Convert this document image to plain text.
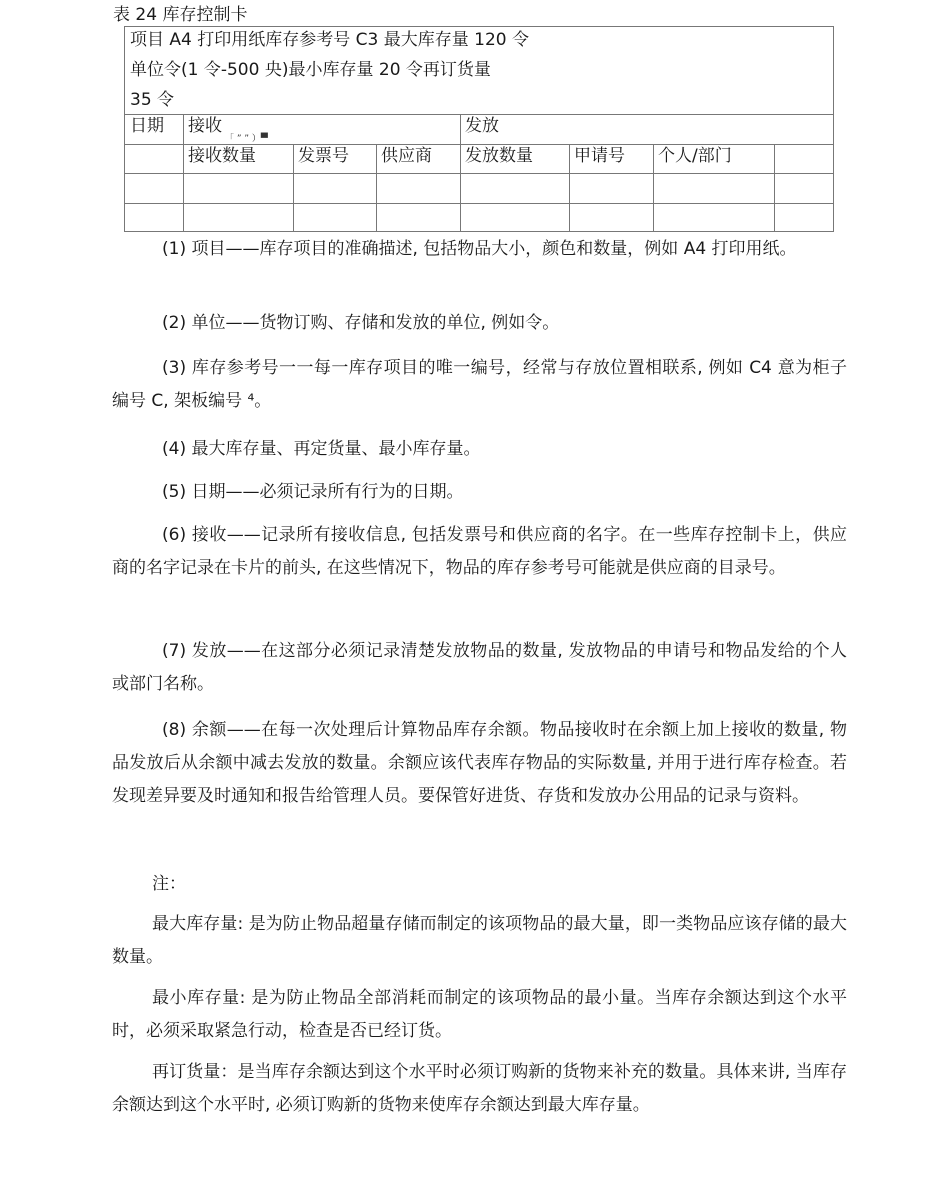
表 24 库存控制卡
项目 A4 打印用纸库存参考号 C3 最大库存量 120 令
单位令(1 令-500 央)最小库存量 20 令再订货量
35 令
日期 接收	发放
「 ” ” ）▀
接收数量 发票号 供应商 发放数量 甲请号 个人/部门
(1) 项目——库存项目的准确描述, 包括物品大小，颜色和数量，例如 A4 打印用纸。
(2) 单位——货物订购、存储和发放的单位, 例如令。
(3) 库存参考号一一每一库存项目的唯一编号，经常与存放位置相联系, 例如 C4 意为柜子编号 C, 架板编号 ⁴。
(4) 最大库存量、再定货量、最小库存量。
(5) 日期——必须记录所有行为的日期。
(6) 接收——记录所有接收信息, 包括发票号和供应商的名字。在一些库存控制卡上，供应商的名字记录在卡片的前头, 在这些情况下，物品的库存参考号可能就是供应商的目录号。
(7) 发放——在这部分必须记录清楚发放物品的数量, 发放物品的申请号和物品发给的个人或部门名称。
(8) 余额——在每一次处理后计算物品库存余额。物品接收时在余额上加上接收的数量, 物品发放后从余额中减去发放的数量。余额应该代表库存物品的实际数量, 并用于进行库存检查。若发现差异要及时通知和报告给管理人员。要保管好进货、存货和发放办公用品的记录与资料。
注：
最大库存量: 是为防止物品超量存储而制定的该项物品的最大量，即一类物品应该存储的最大数量。
最小库存量: 是为防止物品全部消耗而制定的该项物品的最小量。当库存余额达到这个水平时，必须采取紧急行动，检查是否已经订货。
再订货量：是当库存余额达到这个水平时必须订购新的货物来补充的数量。具体来讲, 当库存余额达到这个水平时, 必须订购新的货物来使库存余额达到最大库存量。
